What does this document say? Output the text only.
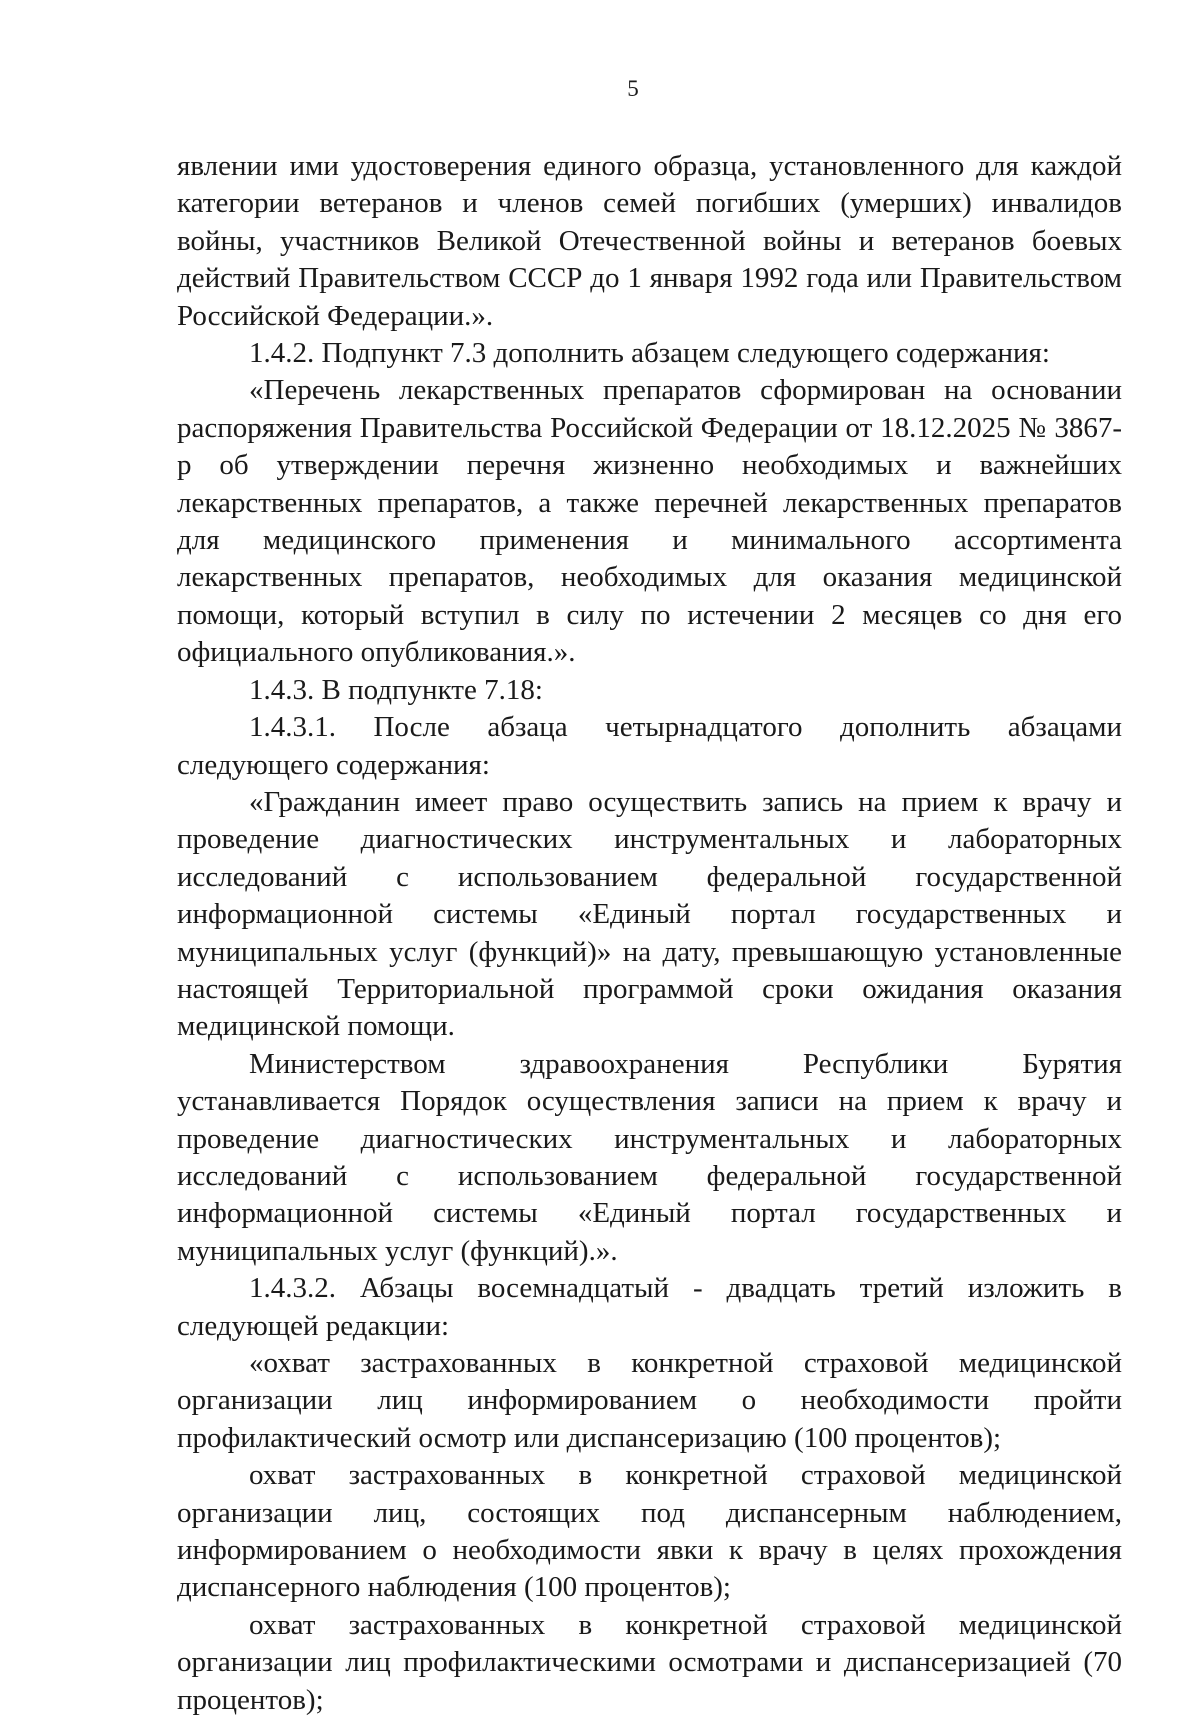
5

явлении ими удостоверения единого образца, установленного для каждой категории ветеранов и членов семей погибших (умерших) инвалидов войны, участников Великой Отечественной войны и ветеранов боевых действий Правительством СССР до 1 января 1992 года или Правительством Российской Федерации.».

1.4.2. Подпункт 7.3 дополнить абзацем следующего содержания:

«Перечень лекарственных препаратов сформирован на основании распоряжения Правительства Российской Федерации от 18.12.2025 № 3867-р об утверждении перечня жизненно необходимых и важнейших лекарственных препаратов, а также перечней лекарственных препаратов для медицинского применения и минимального ассортимента лекарственных препаратов, необходимых для оказания медицинской помощи, который вступил в силу по истечении 2 месяцев со дня его официального опубликования.».

1.4.3. В подпункте 7.18:

1.4.3.1. После абзаца четырнадцатого дополнить абзацами следующего содержания:

«Гражданин имеет право осуществить запись на прием к врачу и проведение диагностических инструментальных и лабораторных исследований с использованием федеральной государственной информационной системы «Единый портал государственных и муниципальных услуг (функций)» на дату, превышающую установленные настоящей Территориальной программой сроки ожидания оказания медицинской помощи.

Министерством здравоохранения Республики Бурятия устанавливается Порядок осуществления записи на прием к врачу и проведение диагностических инструментальных и лабораторных исследований с использованием федеральной государственной информационной системы «Единый портал государственных и муниципальных услуг (функций).».

1.4.3.2. Абзацы восемнадцатый - двадцать третий изложить в следующей редакции:

«охват застрахованных в конкретной страховой медицинской организации лиц информированием о необходимости пройти профилактический осмотр или диспансеризацию (100 процентов);

охват застрахованных в конкретной страховой медицинской организации лиц, состоящих под диспансерным наблюдением, информированием о необходимости явки к врачу в целях прохождения диспансерного наблюдения (100 процентов);

охват застрахованных в конкретной страховой медицинской организации лиц профилактическими осмотрами и диспансеризацией (70 процентов);
